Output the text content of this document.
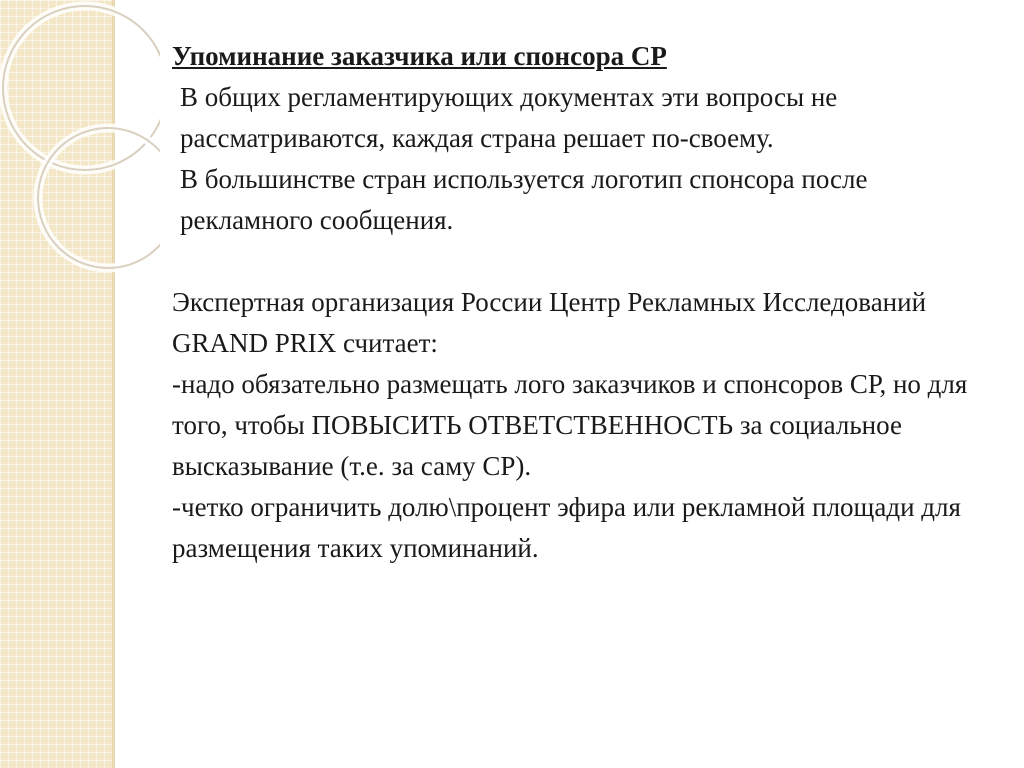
Упоминание заказчика или спонсора СР

В общих регламентирующих документах эти вопросы не рассматриваются, каждая страна решает по-своему.

В большинстве стран используется логотип спонсора после рекламного сообщения.

Экспертная организация России Центр Рекламных Исследований GRAND PRIX считает:

-надо обязательно размещать лого заказчиков и спонсоров СР, но для того, чтобы ПОВЫСИТЬ ОТВЕТСТВЕННОСТЬ за социальное высказывание (т.е. за саму СР).

-четко ограничить долю\процент эфира или рекламной площади для размещения таких упоминаний.
